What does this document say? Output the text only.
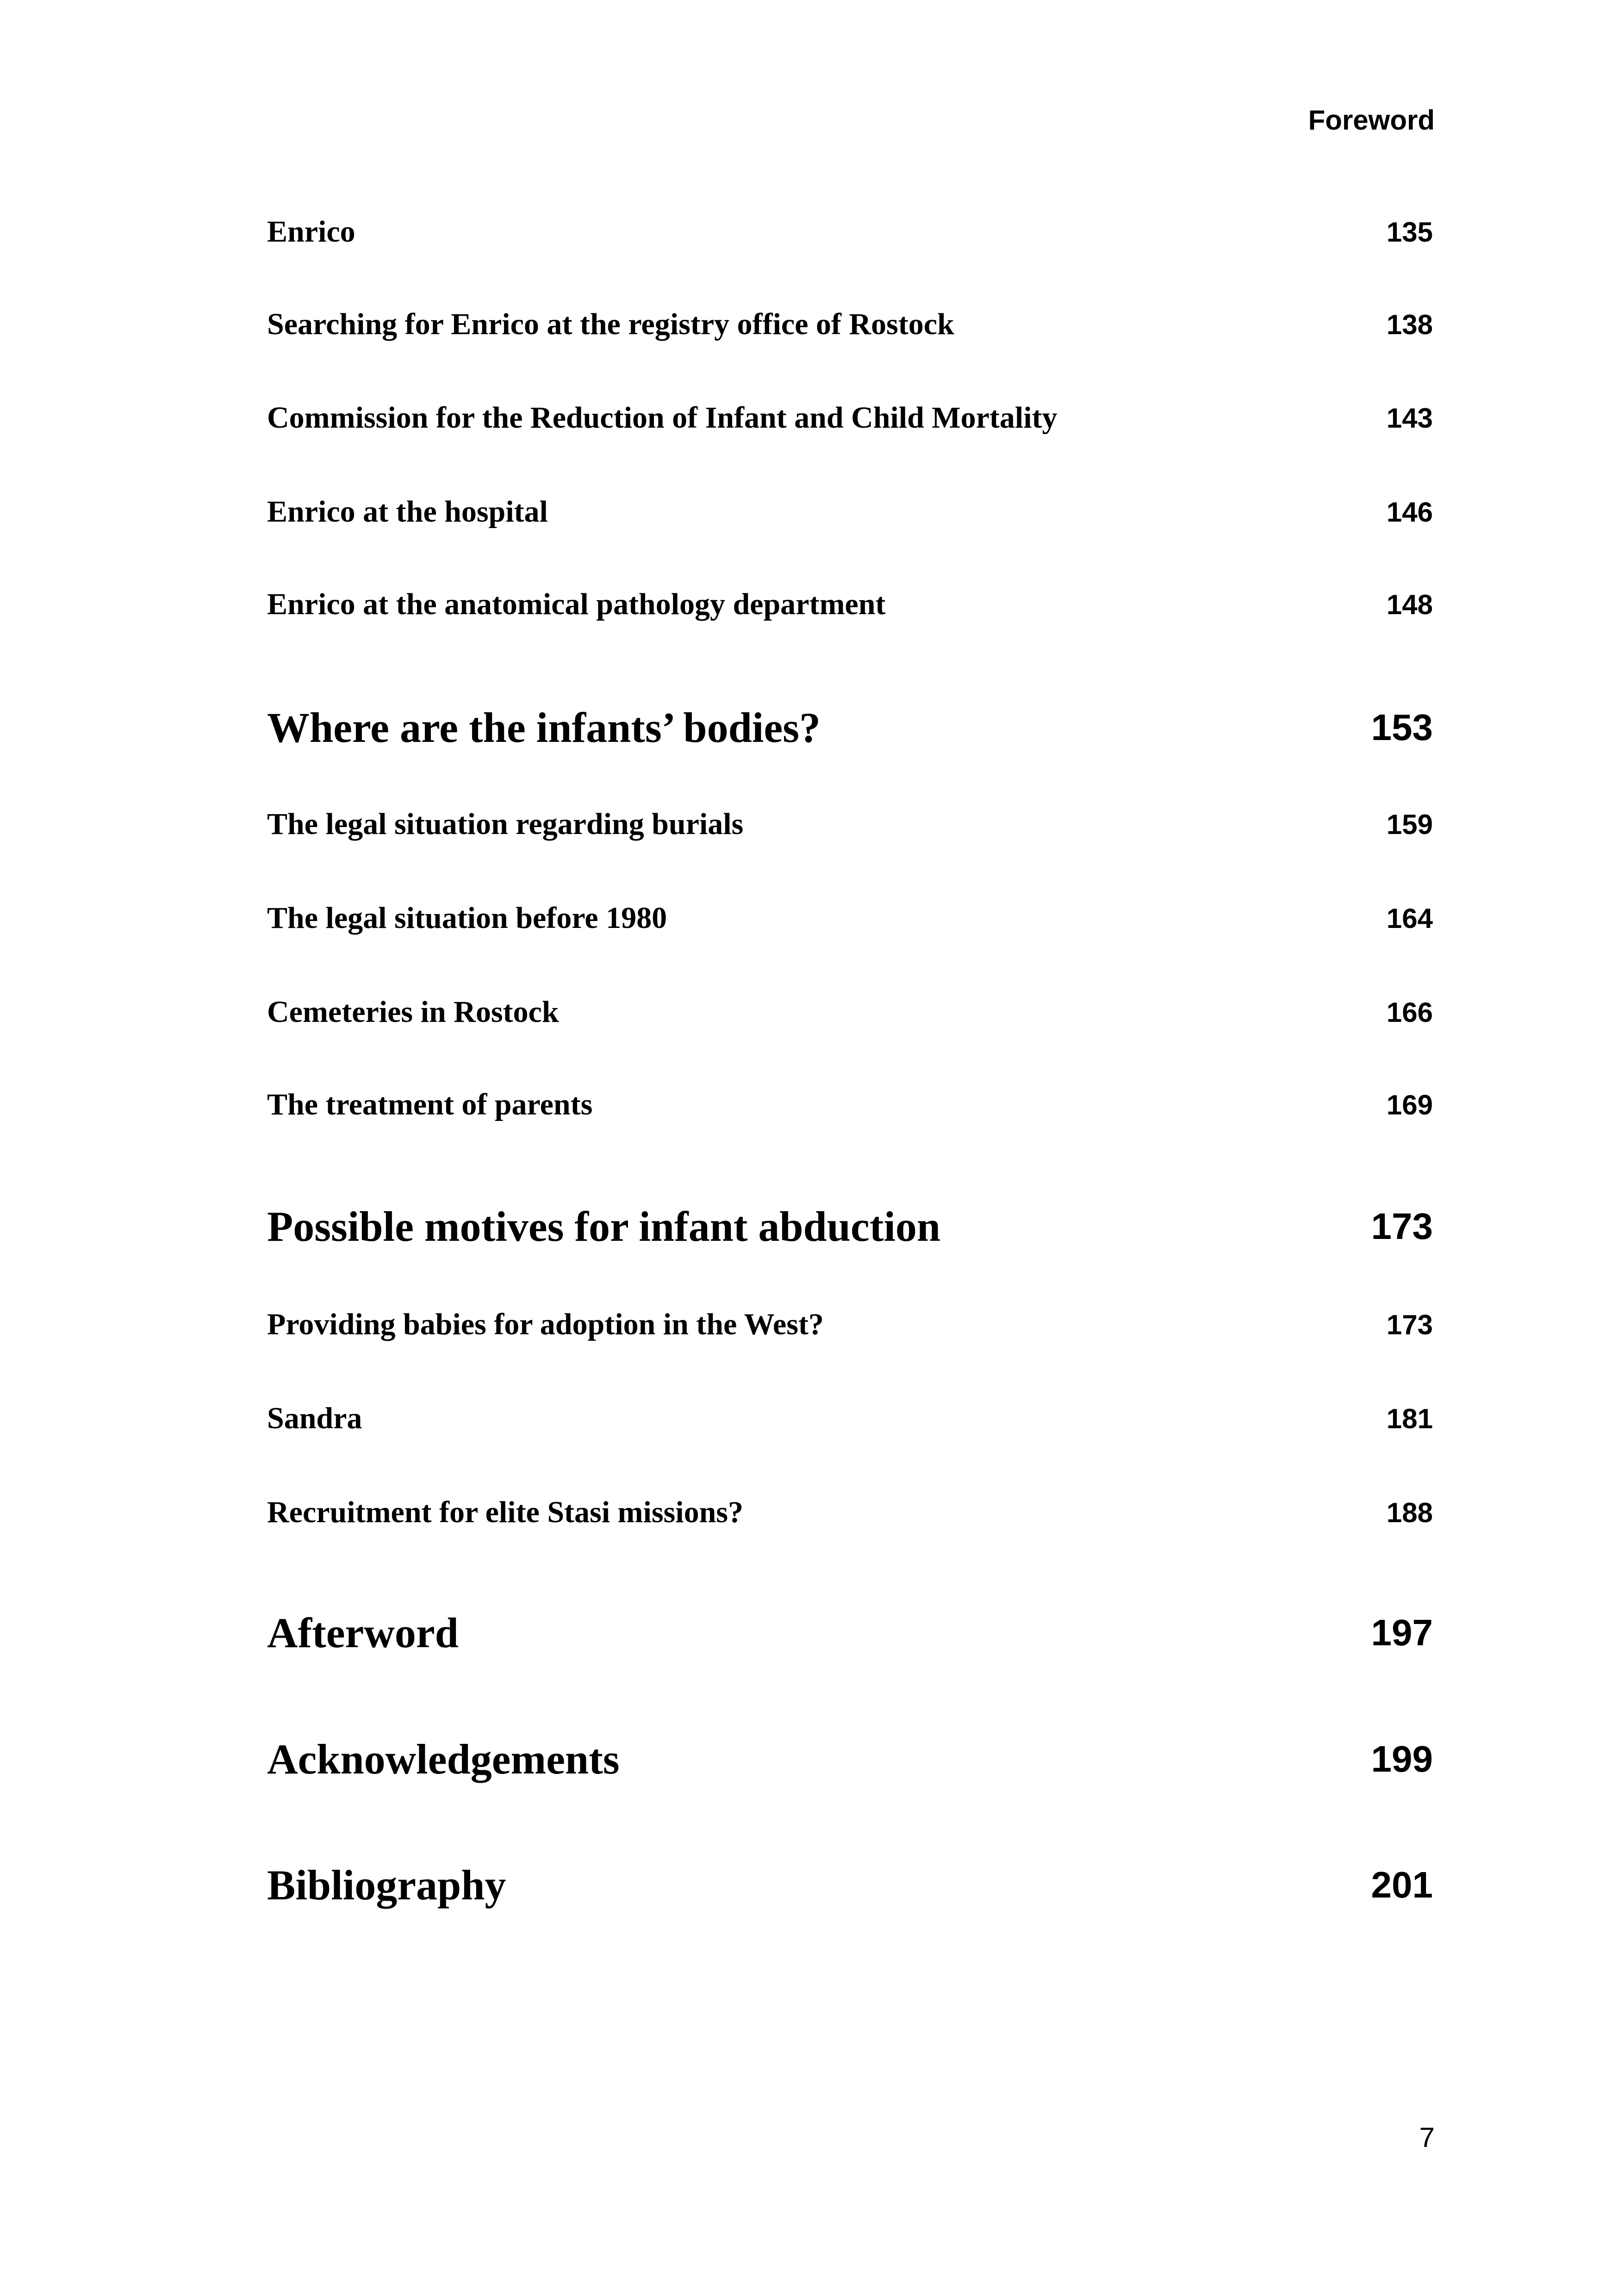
Foreword
Enrico	135
Searching for Enrico at the registry office of Rostock	138
Commission for the Reduction of Infant and Child Mortality	143
Enrico at the hospital	146
Enrico at the anatomical pathology department	148
Where are the infants’ bodies?	153
The legal situation regarding burials	159
The legal situation before 1980	164
Cemeteries in Rostock	166
The treatment of parents	169
Possible motives for infant abduction	173
Providing babies for adoption in the West?	173
Sandra	181
Recruitment for elite Stasi missions?	188
Afterword	197
Acknowledgements	199
Bibliography	201
7
